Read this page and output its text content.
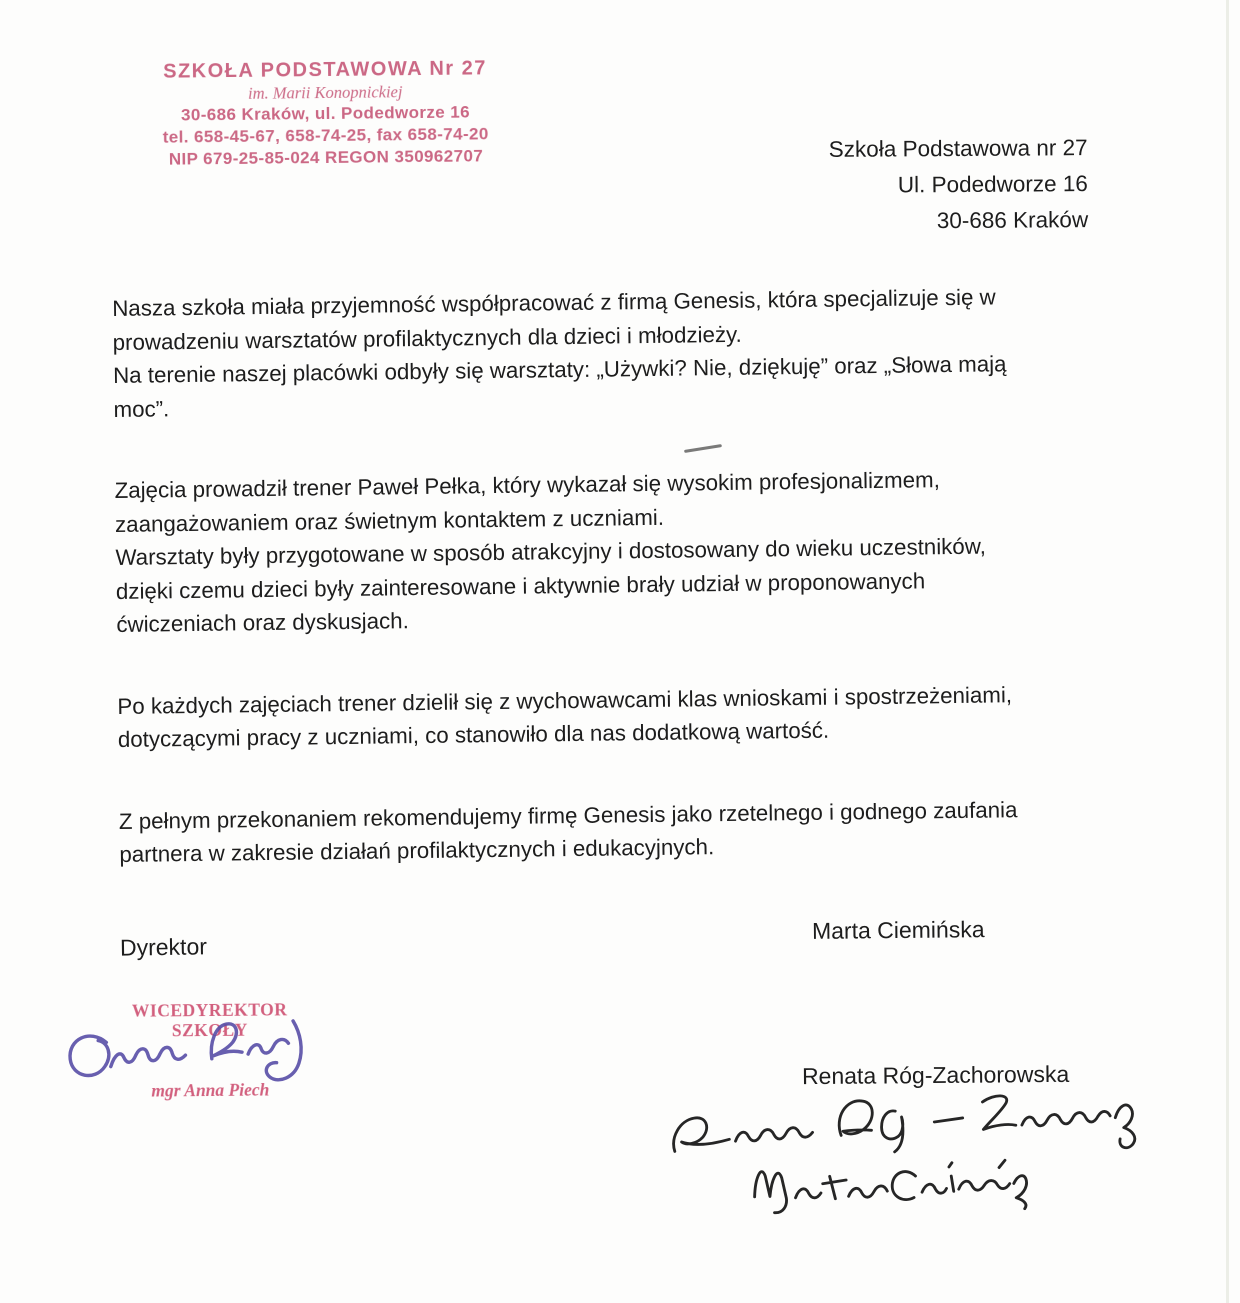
SZKOŁA PODSTAWOWA Nr 27
im. Marii Konopnickiej
30-686 Kraków, ul. Podedworze 16
tel. 658-45-67, 658-74-25, fax 658-74-20
NIP 679-25-85-024 REGON 350962707	Szkoła Podstawowa nr 27
Ul. Podedworze 16
30-686 Kraków

Nasza szkoła miała przyjemność współpracować z firmą Genesis, która specjalizuje się w
prowadzeniu warsztatów profilaktycznych dla dzieci i młodzieży.
Na terenie naszej placówki odbyły się warsztaty: „Używki? Nie, dziękuję” oraz „Słowa mają
moc”.

Zajęcia prowadził trener Paweł Pełka, który wykazał się wysokim profesjonalizmem,
zaangażowaniem oraz świetnym kontaktem z uczniami.
Warsztaty były przygotowane w sposób atrakcyjny i dostosowany do wieku uczestników,
dzięki czemu dzieci były zainteresowane i aktywnie brały udział w proponowanych
ćwiczeniach oraz dyskusjach.

Po każdych zajęciach trener dzielił się z wychowawcami klas wnioskami i spostrzeżeniami,
dotyczącymi pracy z uczniami, co stanowiło dla nas dodatkową wartość.

Z pełnym przekonaniem rekomendujemy firmę Genesis jako rzetelnego i godnego zaufania
partnera w zakresie działań profilaktycznych i edukacyjnych.

Dyrektor
Marta Ciemińska
WICEDYREKTOR SZKOŁY
mgr Anna Piech
Renata Róg-Zachorowska
